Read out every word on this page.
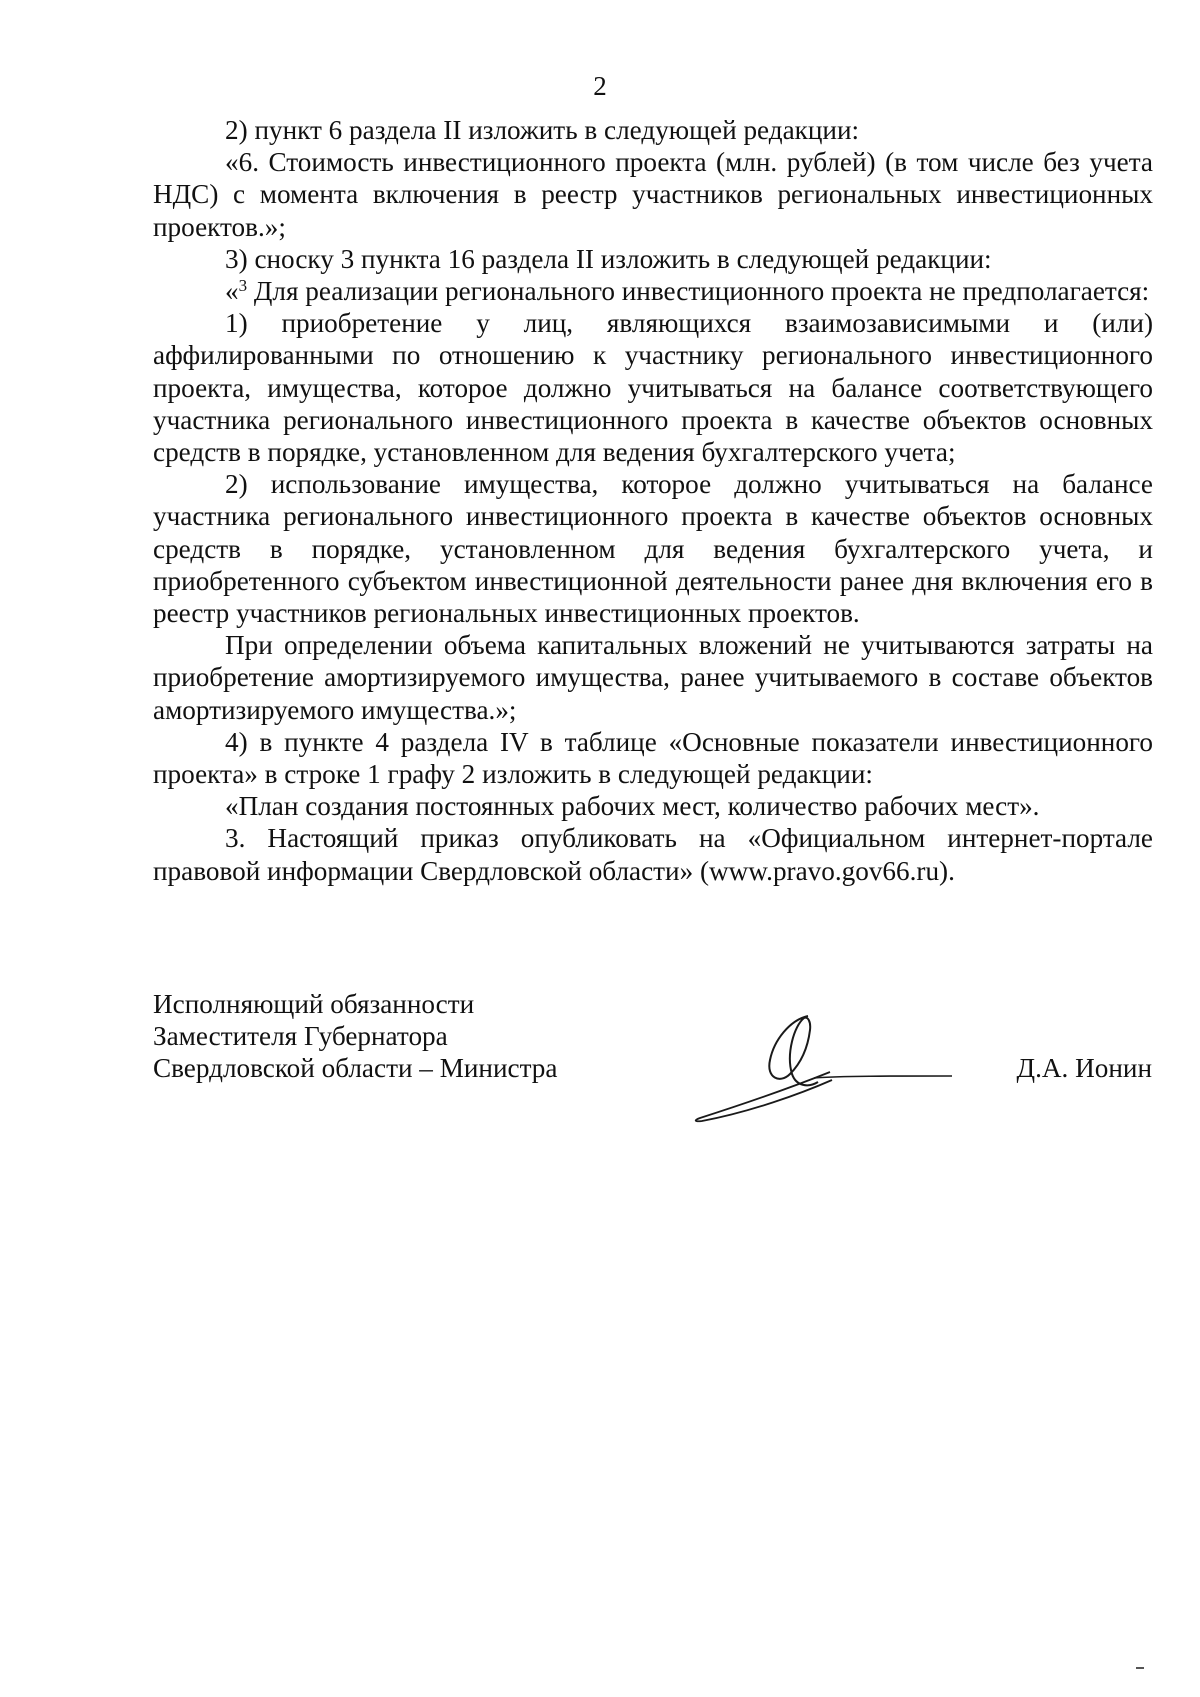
2

2) пункт 6 раздела II изложить в следующей редакции:

«6. Стоимость инвестиционного проекта (млн. рублей) (в том числе без учета НДС) с момента включения в реестр участников региональных инвестиционных проектов.»;

3) сноску 3 пункта 16 раздела II изложить в следующей редакции:

«$^3$ Для реализации регионального инвестиционного проекта не предполагается:

1) приобретение у лиц, являющихся взаимозависимыми и (или) аффилированными по отношению к участнику регионального инвестиционного проекта, имущества, которое должно учитываться на балансе соответствующего участника регионального инвестиционного проекта в качестве объектов основных средств в порядке, установленном для ведения бухгалтерского учета;

2) использование имущества, которое должно учитываться на балансе участника регионального инвестиционного проекта в качестве объектов основных средств в порядке, установленном для ведения бухгалтерского учета, и приобретенного субъектом инвестиционной деятельности ранее дня включения его в реестр участников региональных инвестиционных проектов.

При определении объема капитальных вложений не учитываются затраты на приобретение амортизируемого имущества, ранее учитываемого в составе объектов амортизируемого имущества.»;

4) в пункте 4 раздела IV в таблице «Основные показатели инвестиционного проекта» в строке 1 графу 2 изложить в следующей редакции:

«План создания постоянных рабочих мест, количество рабочих мест».

3. Настоящий приказ опубликовать на «Официальном интернет-портале правовой информации Свердловской области» (www.pravo.gov66.ru).

Исполняющий обязанности
Заместителя Губернатора
Свердловской области – Министра	Д.А. Ионин
